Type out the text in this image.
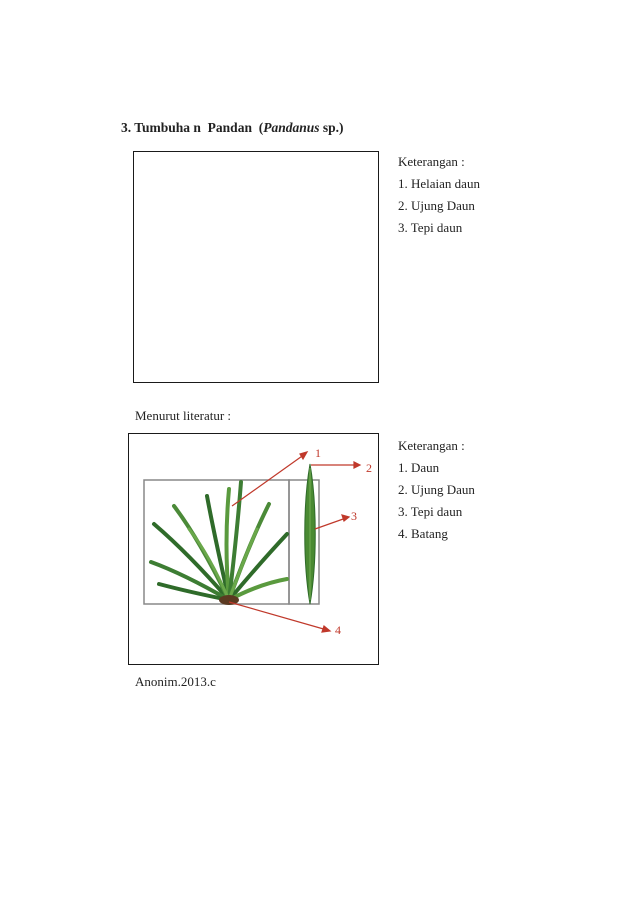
3. Tumbuha n  Pandan  (Pandanus sp.)
Keterangan :
1. Helaian daun
2. Ujung Daun
3. Tepi daun
Menurut literatur :
1
2
3
4
Keterangan :
1. Daun
2. Ujung Daun
3. Tepi daun
4. Batang
Anonim.2013.c
